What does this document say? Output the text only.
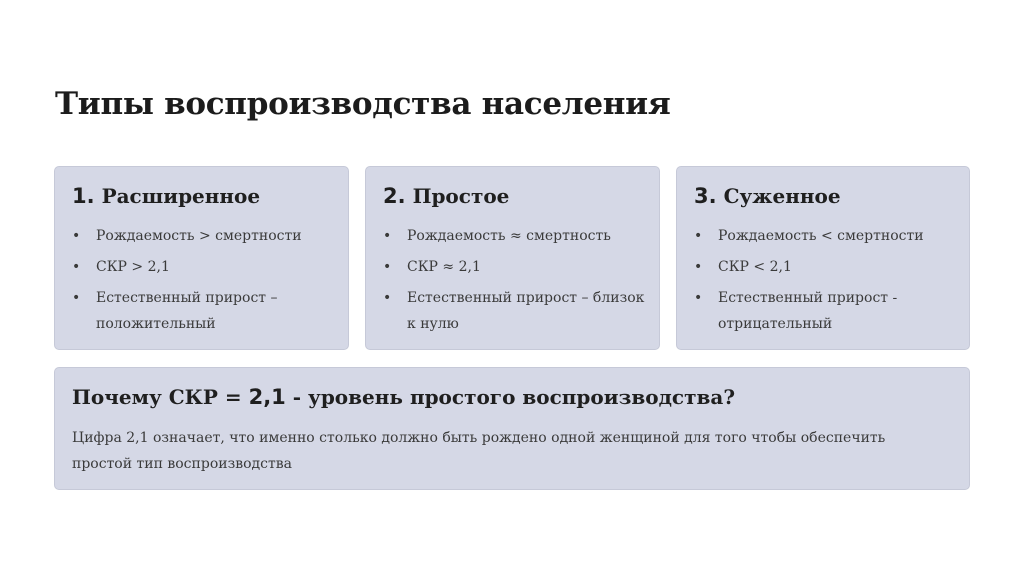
Типы воспроизводства населения
1. Расширенное
• Рождаемость > смертности
• СКР > 2,1
• Естественный прирост – положительный
2. Простое
• Рождаемость ≈ смертность
• СКР ≈ 2,1
• Естественный прирост – близок к нулю
3. Суженное
• Рождаемость < смертности
• СКР < 2,1
• Естественный прирост - отрицательный
Почему СКР = 2,1 - уровень простого воспроизводства?
Цифра 2,1 означает, что именно столько должно быть рождено одной женщиной для того чтобы обеспечить простой тип воспроизводства
